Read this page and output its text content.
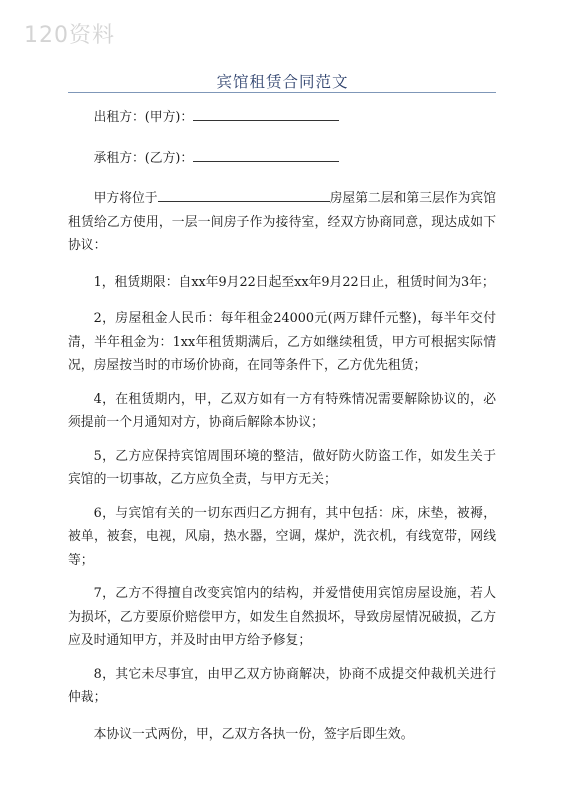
120资料
宾馆租赁合同范文

出租方：(甲方)：

承租方：(乙方)：

甲方将位于	房屋第二层和第三层作为宾馆租赁给乙方使用，一层一间房子作为接待室，经双方协商同意，现达成如下协议：

1，租赁期限：自xx年9月22日起至xx年9月22日止，租赁时间为3年；

2，房屋租金人民币：每年租金24000元(两万肆仟元整)，每半年交付清，半年租金为：1xx年租赁期满后，乙方如继续租赁，甲方可根据实际情况，房屋按当时的市场价协商，在同等条件下，乙方优先租赁；

4，在租赁期内，甲，乙双方如有一方有特殊情况需要解除协议的，必须提前一个月通知对方，协商后解除本协议；

5，乙方应保持宾馆周围环境的整洁，做好防火防盗工作，如发生关于宾馆的一切事故，乙方应负全责，与甲方无关；

6，与宾馆有关的一切东西归乙方拥有，其中包括：床，床垫，被褥，被单，被套，电视，风扇，热水器，空调，煤炉，洗衣机，有线宽带，网线等；

7，乙方不得擅自改变宾馆内的结构，并爱惜使用宾馆房屋设施，若人为损坏，乙方要原价赔偿甲方，如发生自然损坏，导致房屋情况破损，乙方应及时通知甲方，并及时由甲方给予修复；

8，其它未尽事宜，由甲乙双方协商解决，协商不成提交仲裁机关进行仲裁；

本协议一式两份，甲，乙双方各执一份，签字后即生效。
